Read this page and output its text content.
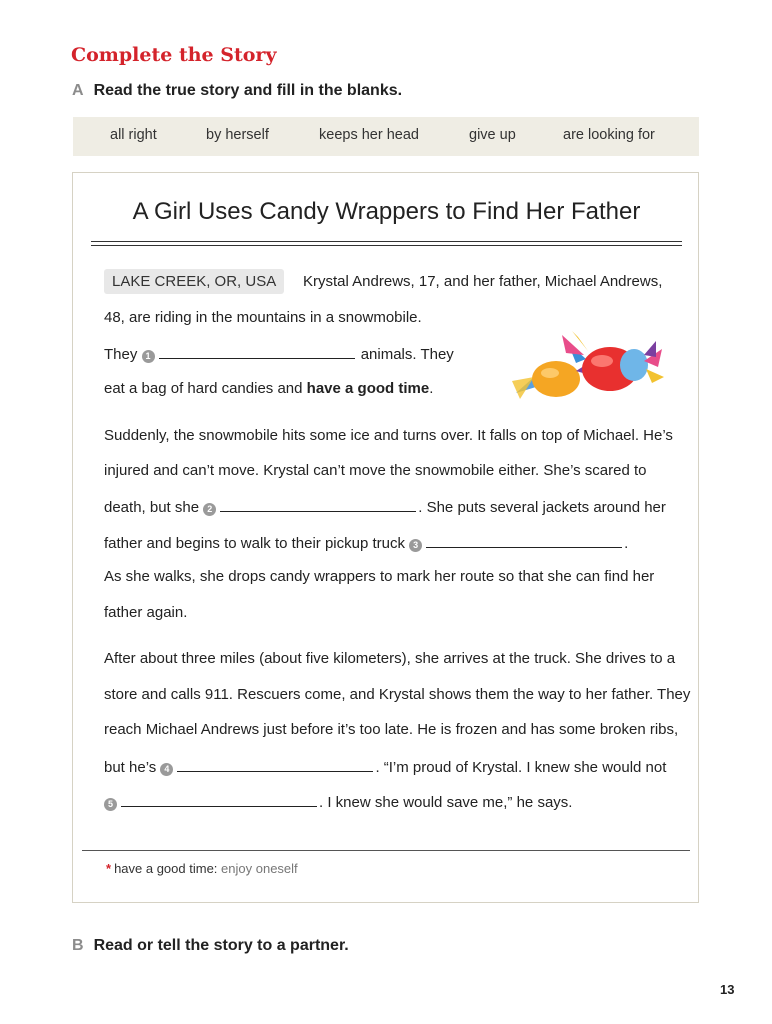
Complete the Story
A Read the true story and fill in the blanks.
all right	by herself	keeps her head	give up	are looking for
A Girl Uses Candy Wrappers to Find Her Father
LAKE CREEK, OR, USA	Krystal Andrews, 17, and her father, Michael Andrews,
48, are riding in the mountains in a snowmobile.
They 1	animals. They
eat a bag of hard candies and have a good time.
Suddenly, the snowmobile hits some ice and turns over. It falls on top of Michael. He’s
injured and can’t move. Krystal can’t move the snowmobile either. She’s scared to
death, but she 2	. She puts several jackets around her
father and begins to walk to their pickup truck 3	.
As she walks, she drops candy wrappers to mark her route so that she can find her
father again.
After about three miles (about five kilometers), she arrives at the truck. She drives to a
store and calls 911. Rescuers come, and Krystal shows them the way to her father. They
reach Michael Andrews just before it’s too late. He is frozen and has some broken ribs,
but he’s 4	. “I’m proud of Krystal. I knew she would not
5	. I knew she would save me,” he says.
* have a good time: enjoy oneself
B Read or tell the story to a partner.
13
